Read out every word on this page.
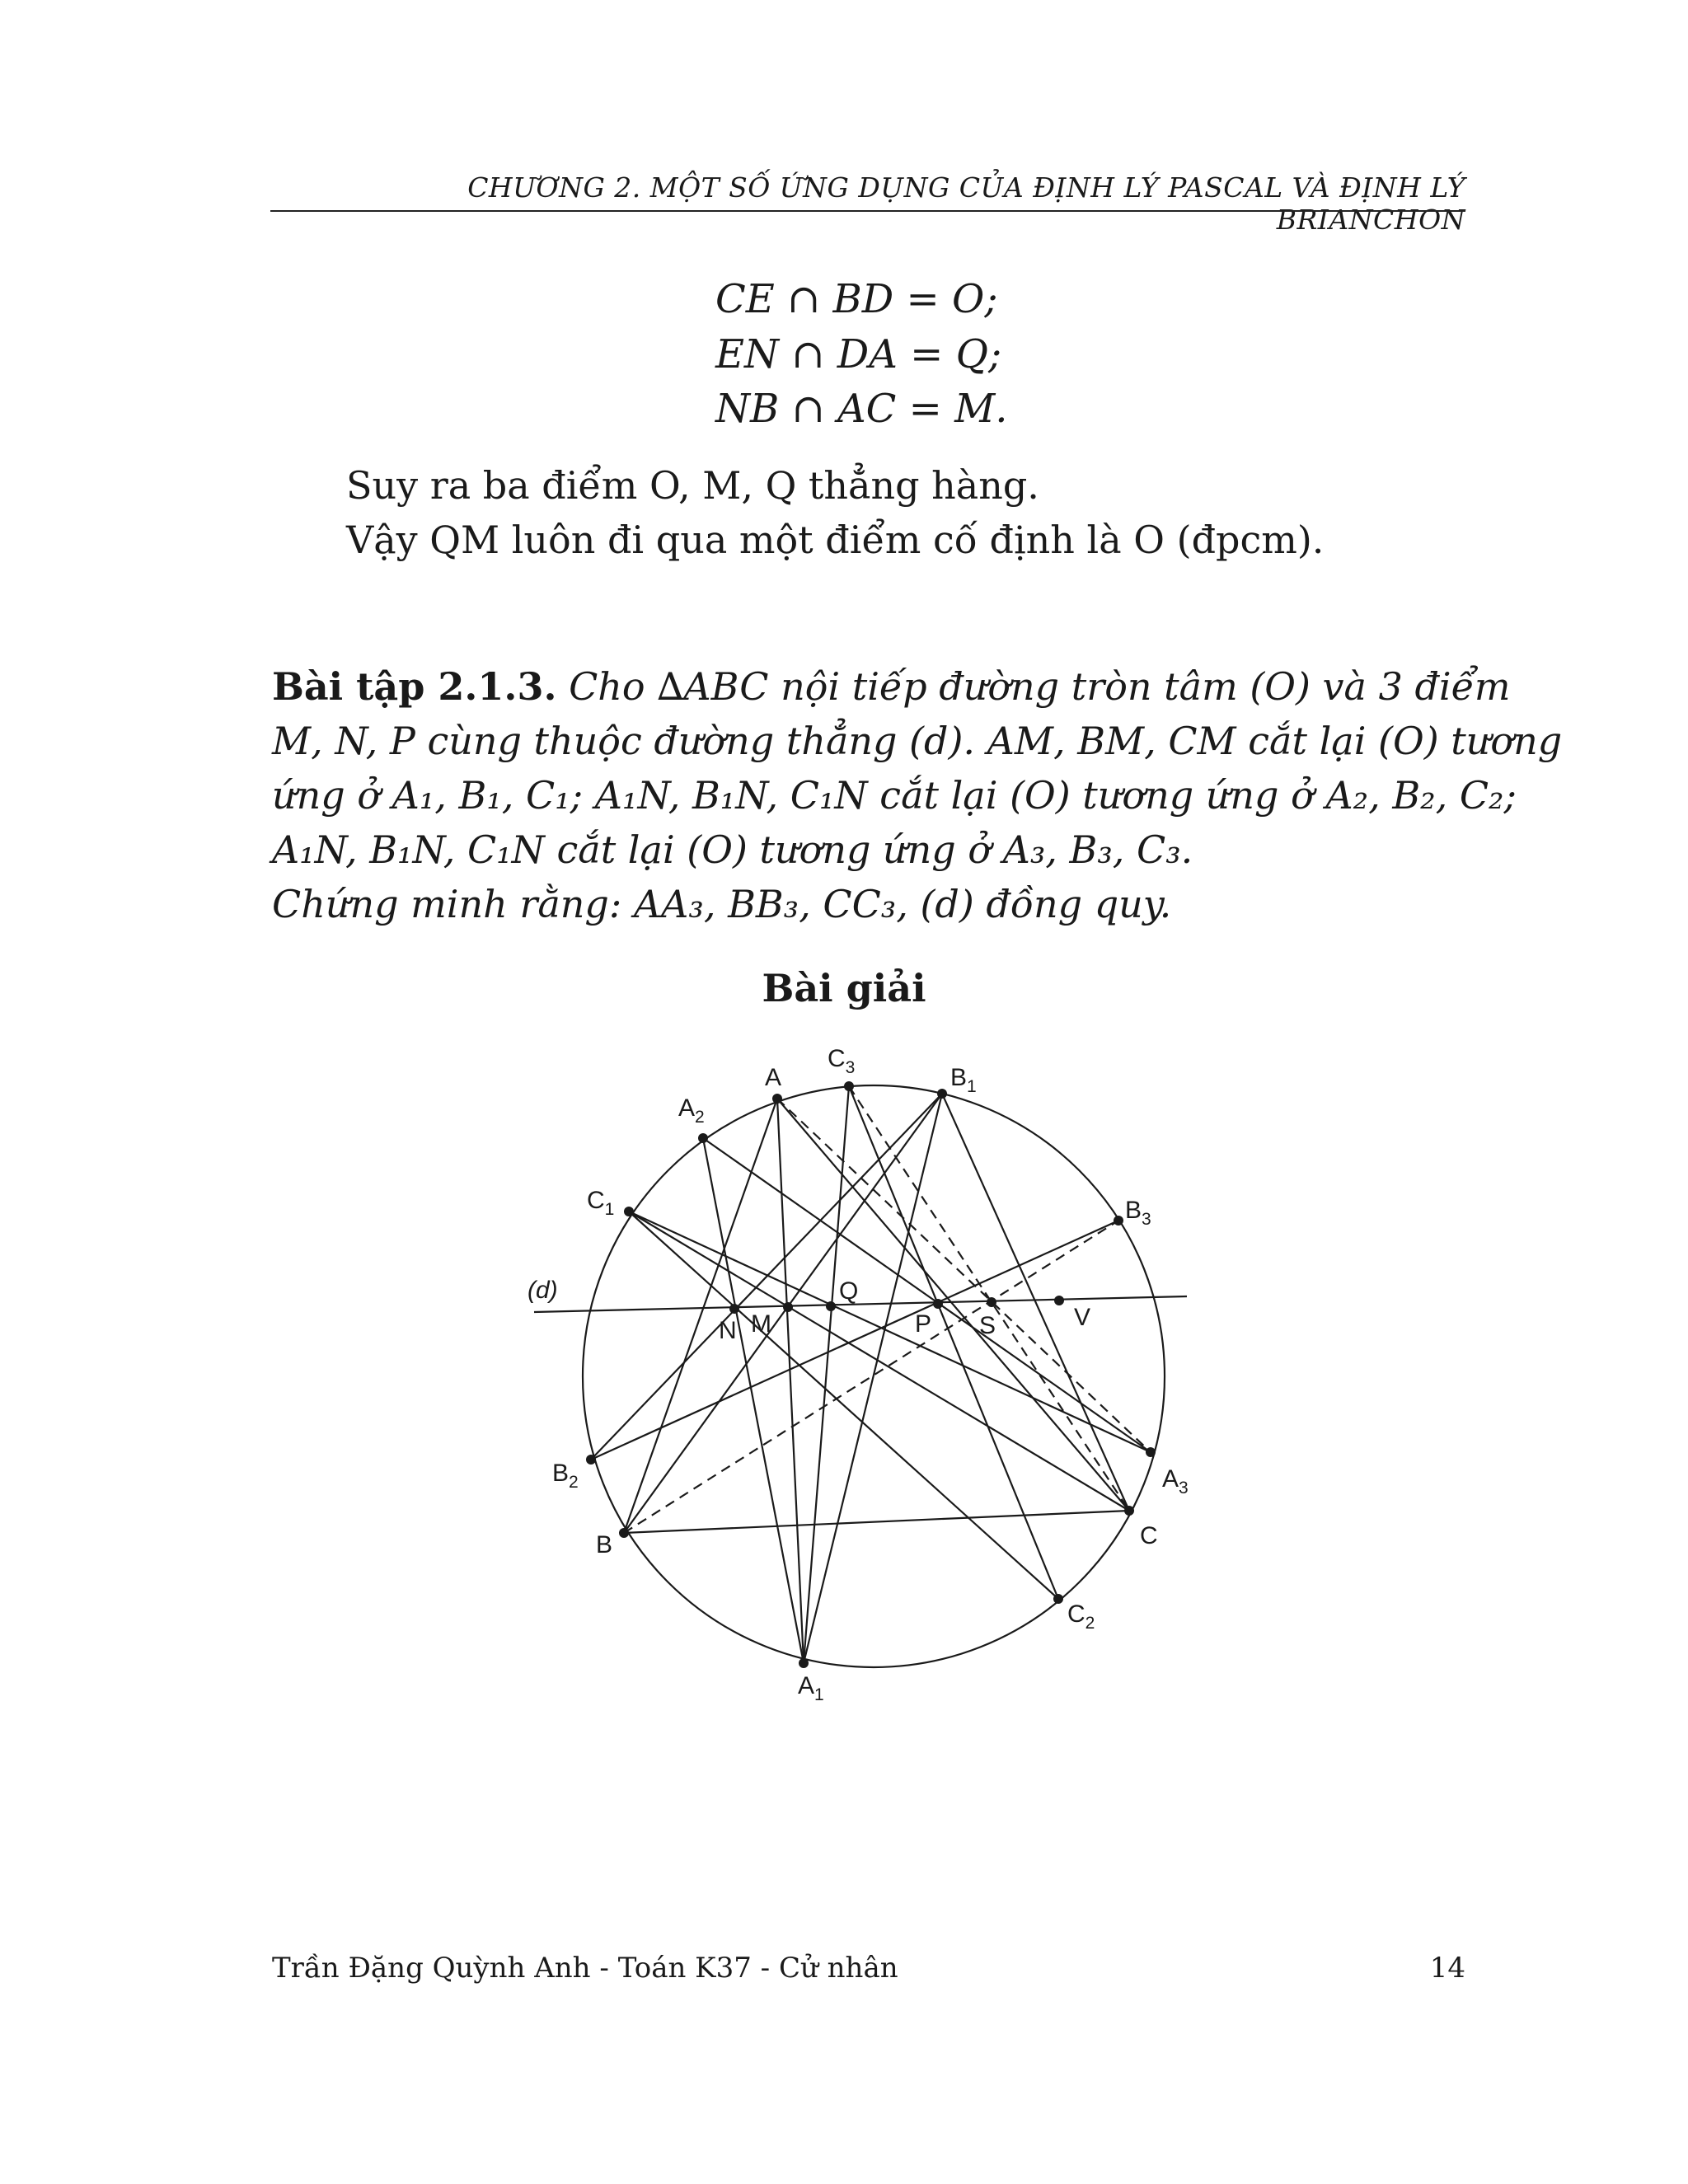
CHƯƠNG 2. MỘT SỐ ỨNG DỤNG CỦA ĐỊNH LÝ PASCAL VÀ ĐỊNH LÝ BRIANCHON
CE ∩ BD = O;
EN ∩ DA = Q;
NB ∩ AC = M.
Suy ra ba điểm O, M, Q thẳng hàng.
Vậy QM luôn đi qua một điểm cố định là O (đpcm).
Bài tập 2.1.3. Cho ∆ABC nội tiếp đường tròn tâm (O) và 3 điểm
M, N, P cùng thuộc đường thẳng (d). AM, BM, CM cắt lại (O) tương
ứng ở A₁, B₁, C₁; A₁N, B₁N, C₁N cắt lại (O) tương ứng ở A₂, B₂, C₂;
A₁N, B₁N, C₁N cắt lại (O) tương ứng ở A₃, B₃, C₃.
Chứng minh rằng: AA₃, BB₃, CC₃, (d) đồng quy.
Bài giải
(d)
A
$C_3$	$B_1$
$A_2$
$C_1$	$B_3$
$B_2$
B
$A_3$
C
$C_2$
$A_1$
N M
Q
P S	V
Trần Đặng Quỳnh Anh - Toán K37 - Cử nhân	14
